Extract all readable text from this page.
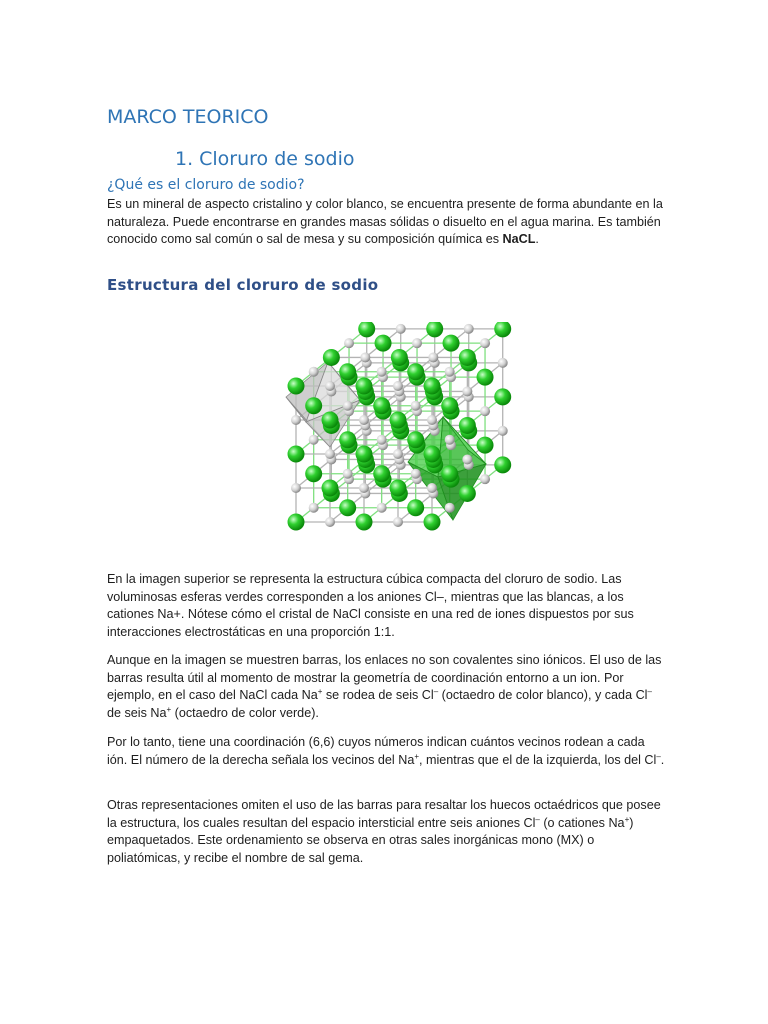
MARCO TEORICO
1. Cloruro de sodio
¿Qué es el cloruro de sodio?

Es un mineral de aspecto cristalino y color blanco, se encuentra presente de forma abundante en la naturaleza. Puede encontrarse en grandes masas sólidas o disuelto en el agua marina. Es también conocido como sal común o sal de mesa y su composición química es NaCL.

Estructura del cloruro de sodio

En la imagen superior se representa la estructura cúbica compacta del cloruro de sodio. Las voluminosas esferas verdes corresponden a los aniones Cl–, mientras que las blancas, a los cationes Na+. Nótese cómo el cristal de NaCl consiste en una red de iones dispuestos por sus interacciones electrostáticas en una proporción 1:1.

Aunque en la imagen se muestren barras, los enlaces no son covalentes sino iónicos. El uso de las barras resulta útil al momento de mostrar la geometría de coordinación entorno a un ion. Por ejemplo, en el caso del NaCl cada Na+ se rodea de seis Cl– (octaedro de color blanco), y cada Cl– de seis Na+ (octaedro de color verde).

Por lo tanto, tiene una coordinación (6,6) cuyos números indican cuántos vecinos rodean a cada ión. El número de la derecha señala los vecinos del Na+, mientras que el de la izquierda, los del Cl–.

Otras representaciones omiten el uso de las barras para resaltar los huecos octaédricos que posee la estructura, los cuales resultan del espacio intersticial entre seis aniones Cl– (o cationes Na+) empaquetados. Este ordenamiento se observa en otras sales inorgánicas mono (MX) o poliatómicas, y recibe el nombre de sal gema.
